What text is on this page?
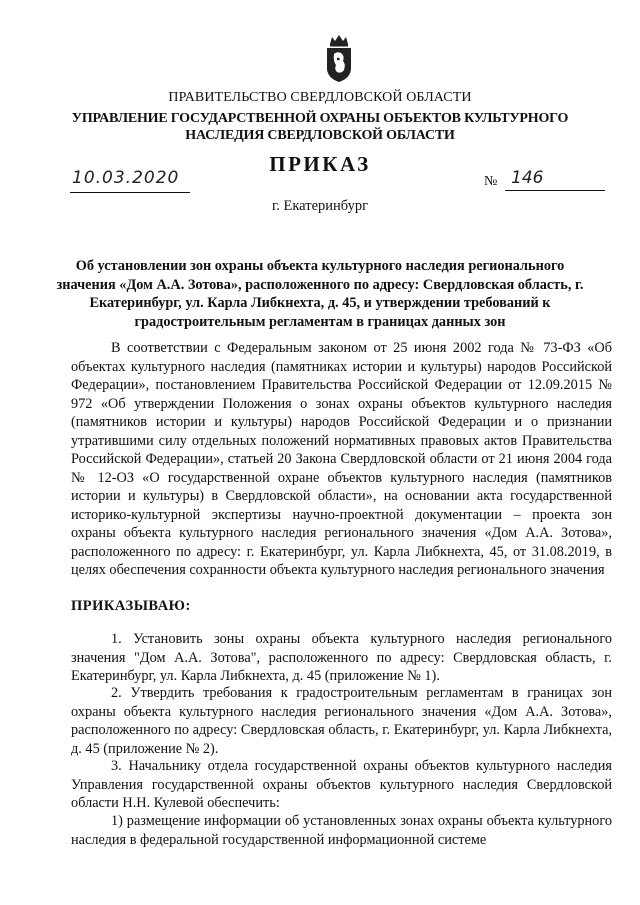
ПРАВИТЕЛЬСТВО СВЕРДЛОВСКОЙ ОБЛАСТИ
УПРАВЛЕНИЕ ГОСУДАРСТВЕННОЙ ОХРАНЫ ОБЪЕКТОВ КУЛЬТУРНОГО НАСЛЕДИЯ СВЕРДЛОВСКОЙ ОБЛАСТИ
ПРИКАЗ
10.03.2020	№ 146
г. Екатеринбург
Об установлении зон охраны объекта культурного наследия регионального значения «Дом А.А. Зотова», расположенного по адресу: Свердловская область, г. Екатеринбург, ул. Карла Либкнехта, д. 45, и утверждении требований к градостроительным регламентам в границах данных зон

В соответствии с Федеральным законом от 25 июня 2002 года № 73-ФЗ «Об объектах культурного наследия (памятниках истории и культуры) народов Российской Федерации», постановлением Правительства Российской Федерации от 12.09.2015 № 972 «Об утверждении Положения о зонах охраны объектов культурного наследия (памятников истории и культуры) народов Российской Федерации и о признании утратившими силу отдельных положений нормативных правовых актов Правительства Российской Федерации», статьей 20 Закона Свердловской области от 21 июня 2004 года № 12-ОЗ «О государственной охране объектов культурного наследия (памятников истории и культуры) в Свердловской области», на основании акта государственной историко-культурной экспертизы научно-проектной документации – проекта зон охраны объекта культурного наследия регионального значения «Дом А.А. Зотова», расположенного по адресу: г. Екатеринбург, ул. Карла Либкнехта, 45, от 31.08.2019, в целях обеспечения сохранности объекта культурного наследия регионального значения

ПРИКАЗЫВАЮ:

1. Установить зоны охраны объекта культурного наследия регионального значения "Дом А.А. Зотова", расположенного по адресу: Свердловская область, г. Екатеринбург, ул. Карла Либкнехта, д. 45 (приложение № 1).

2. Утвердить требования к градостроительным регламентам в границах зон охраны объекта культурного наследия регионального значения «Дом А.А. Зотова», расположенного по адресу: Свердловская область, г. Екатеринбург, ул. Карла Либкнехта, д. 45 (приложение № 2).

3. Начальнику отдела государственной охраны объектов культурного наследия Управления государственной охраны объектов культурного наследия Свердловской области Н.Н. Кулевой обеспечить:

1) размещение информации об установленных зонах охраны объекта культурного наследия в федеральной государственной информационной системе
